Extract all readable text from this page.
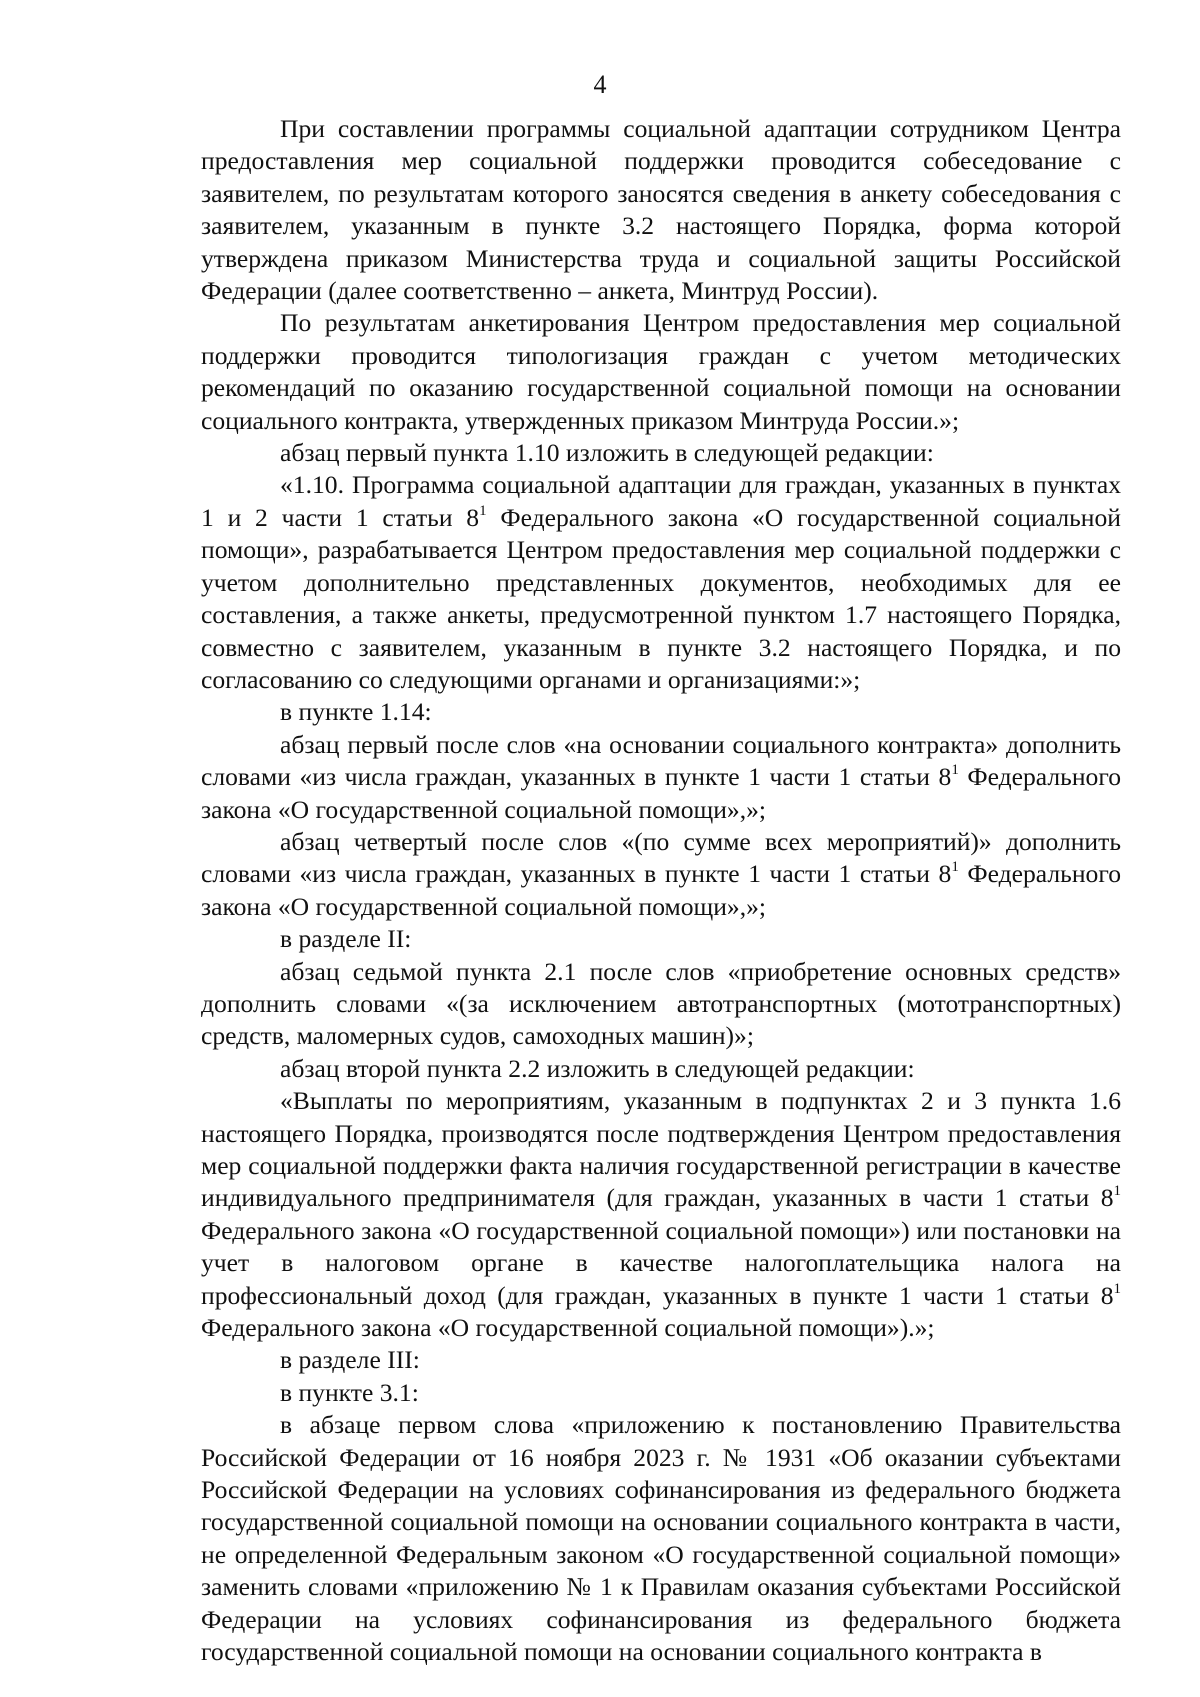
4

При составлении программы социальной адаптации сотрудником Центра предоставления мер социальной поддержки проводится собеседование с заявителем, по результатам которого заносятся сведения в анкету собеседования с заявителем, указанным в пункте 3.2 настоящего Порядка, форма которой утверждена приказом Министерства труда и социальной защиты Российской Федерации (далее соответственно – анкета, Минтруд России).

По результатам анкетирования Центром предоставления мер социальной поддержки проводится типологизация граждан с учетом методических рекомендаций по оказанию государственной социальной помощи на основании социального контракта, утвержденных приказом Минтруда России.»;

абзац первый пункта 1.10 изложить в следующей редакции:

«1.10. Программа социальной адаптации для граждан, указанных в пунктах 1 и 2 части 1 статьи $8^1$ Федерального закона «О государственной социальной помощи», разрабатывается Центром предоставления мер социальной поддержки с учетом дополнительно представленных документов, необходимых для ее составления, а также анкеты, предусмотренной пунктом 1.7 настоящего Порядка, совместно с заявителем, указанным в пункте 3.2 настоящего Порядка, и по согласованию со следующими органами и организациями:»;

в пункте 1.14:

абзац первый после слов «на основании социального контракта» дополнить словами «из числа граждан, указанных в пункте 1 части 1 статьи $8^1$ Федерального закона «О государственной социальной помощи»,»;

абзац четвертый после слов «(по сумме всех мероприятий)» дополнить словами «из числа граждан, указанных в пункте 1 части 1 статьи $8^1$ Федерального закона «О государственной социальной помощи»,»;

в разделе II:

абзац седьмой пункта 2.1 после слов «приобретение основных средств» дополнить словами «(за исключением автотранспортных (мототранспортных) средств, маломерных судов, самоходных машин)»;

абзац второй пункта 2.2 изложить в следующей редакции:

«Выплаты по мероприятиям, указанным в подпунктах 2 и 3 пункта 1.6 настоящего Порядка, производятся после подтверждения Центром предоставления мер социальной поддержки факта наличия государственной регистрации в качестве индивидуального предпринимателя (для граждан, указанных в части 1 статьи $8^1$ Федерального закона «О государственной социальной помощи») или постановки на учет в налоговом органе в качестве налогоплательщика налога на профессиональный доход (для граждан, указанных в пункте 1 части 1 статьи $8^1$ Федерального закона «О государственной социальной помощи»).»;

в разделе III:

в пункте 3.1:

в абзаце первом слова «приложению к постановлению Правительства Российской Федерации от 16 ноября 2023 г. № 1931 «Об оказании субъектами Российской Федерации на условиях софинансирования из федерального бюджета государственной социальной помощи на основании социального контракта в части, не определенной Федеральным законом «О государственной социальной помощи» заменить словами «приложению № 1 к Правилам оказания субъектами Российской Федерации на условиях софинансирования из федерального бюджета государственной социальной помощи на основании социального контракта в
